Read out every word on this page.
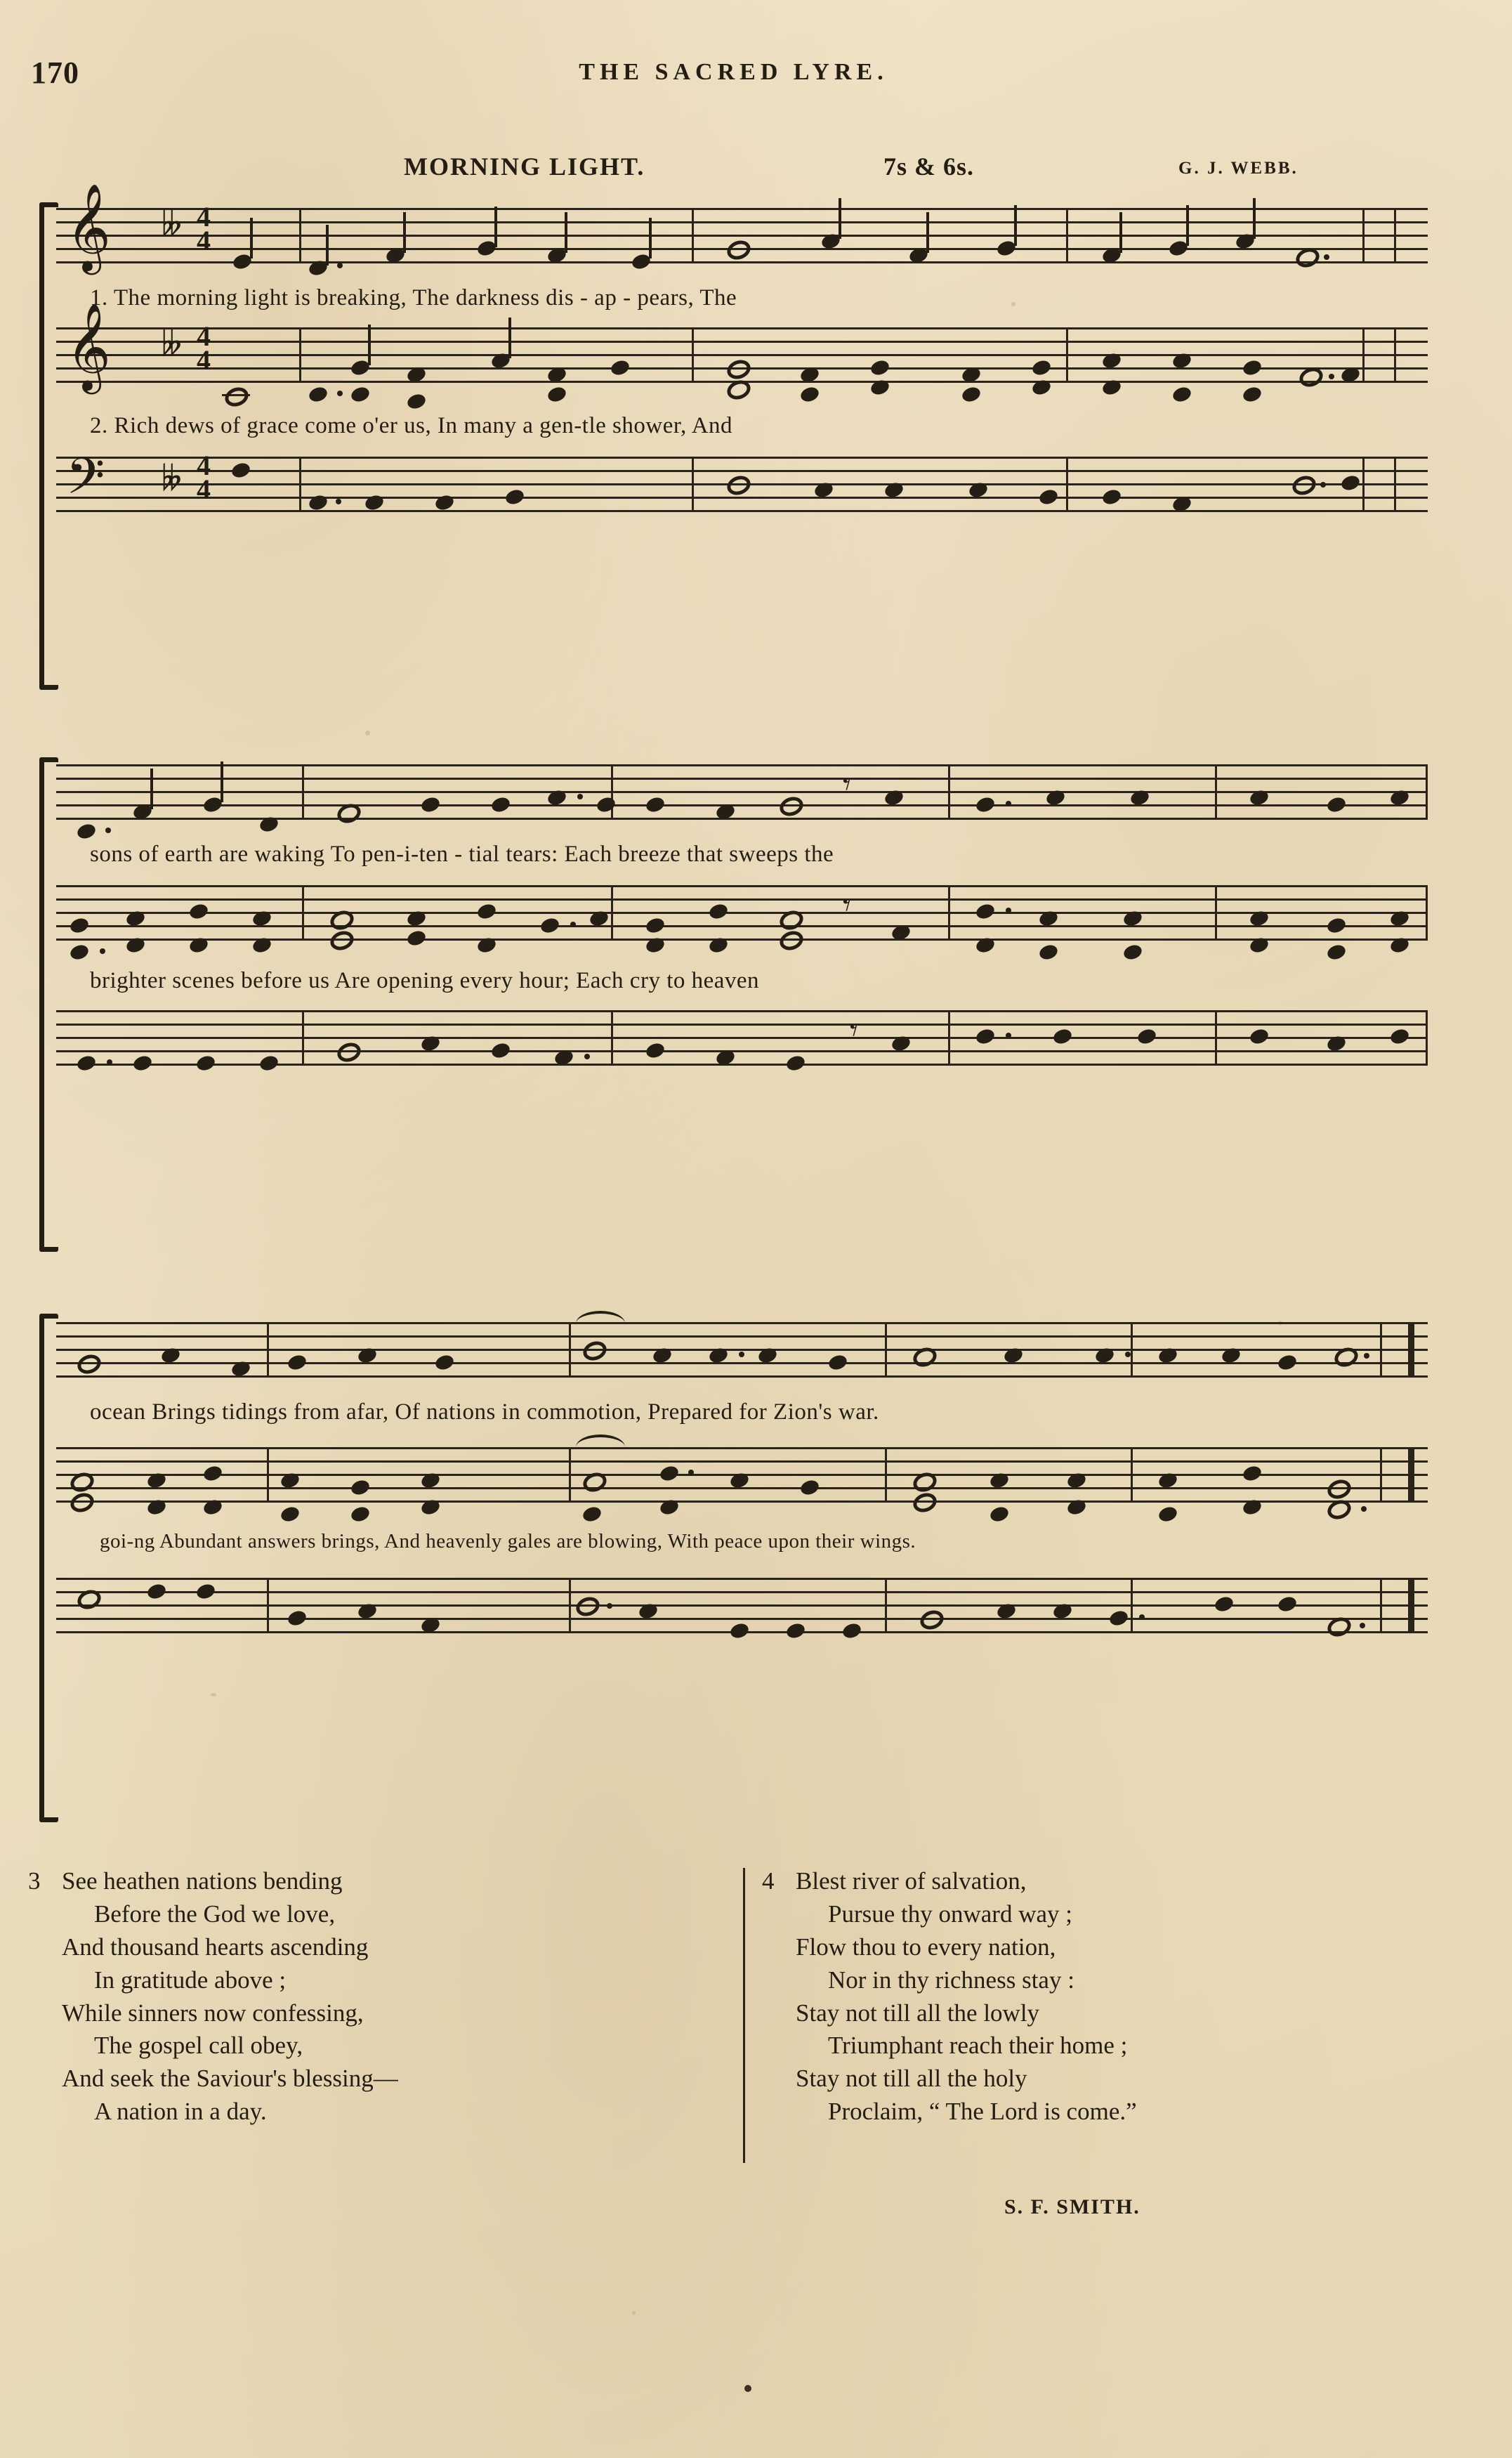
170	THE SACRED LYRE.
MORNING LIGHT.	7s & 6s.	G. J. WEBB.
𝄞 𝄫 4
4
1. The morning light is breaking, The darkness dis - ap - pears, The
𝄞 𝄫 4
4
2. Rich dews of grace come o'er us, In many a gen-tle shower, And
𝄢 𝄫 4
4
𝄾
sons of earth are waking To pen-i-ten - tial tears: Each breeze that sweeps the
𝄾
brighter scenes before us Are opening every hour; Each cry to heaven
𝄾
ocean Brings tidings from afar, Of nations in commotion, Prepared for Zion's war.
goi-ng Abundant answers brings, And heavenly gales are blowing, With peace upon their wings.
3 See heathen nations bending
Before the God we love,
And thousand hearts ascending
In gratitude above ;
While sinners now confessing,
The gospel call obey,
And seek the Saviour's blessing—
A nation in a day.
4 Blest river of salvation,
Pursue thy onward way ;
Flow thou to every nation,
Nor in thy richness stay :
Stay not till all the lowly
Triumphant reach their home ;
Stay not till all the holy
Proclaim, “ The Lord is come.”
S. F. SMITH.
